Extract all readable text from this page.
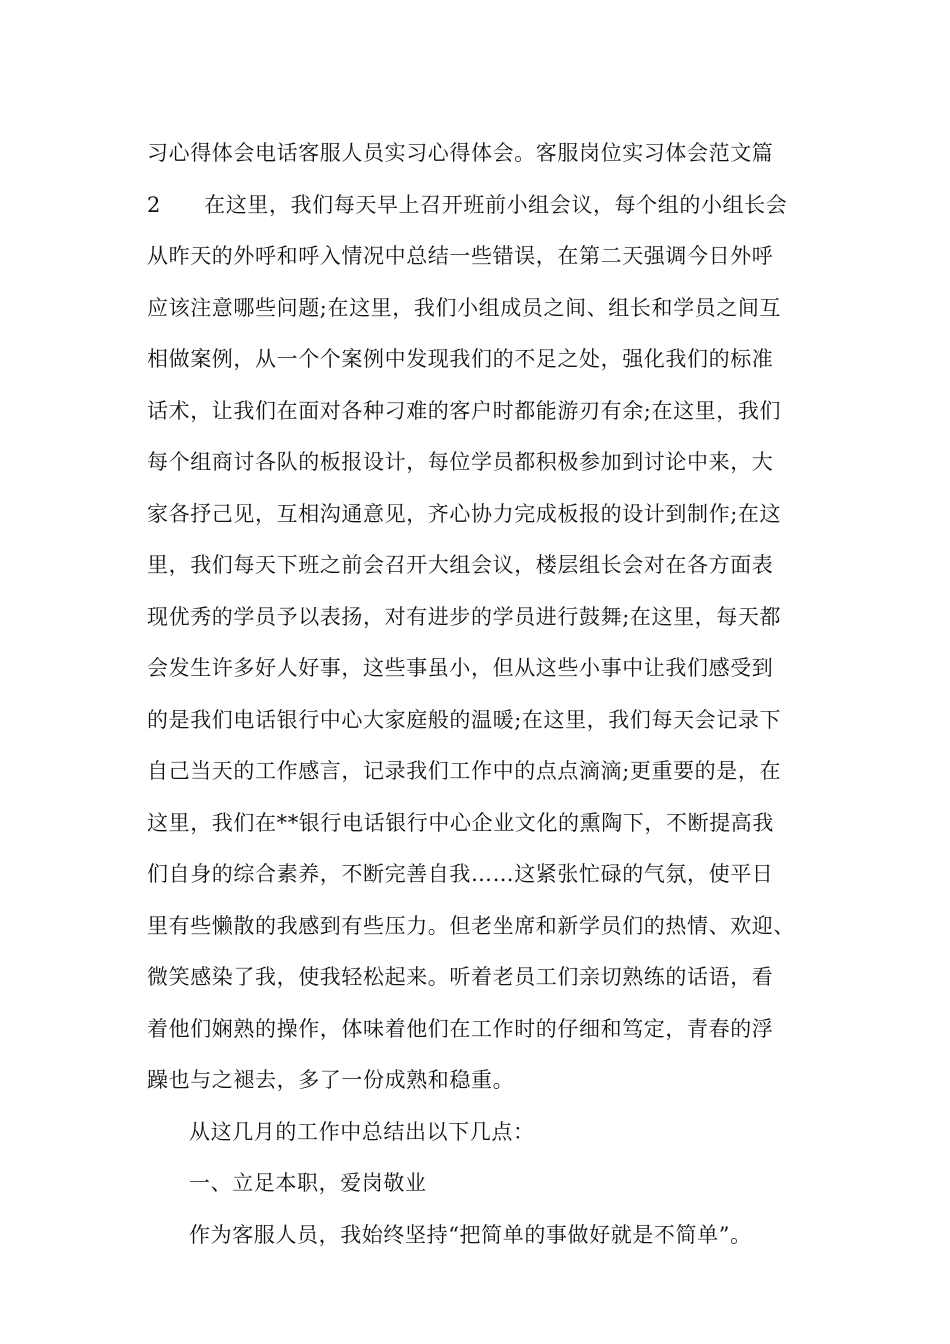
习心得体会电话客服人员实习心得体会。客服岗位实习体会范文篇
2　　在这里，我们每天早上召开班前小组会议，每个组的小组长会
从昨天的外呼和呼入情况中总结一些错误，在第二天强调今日外呼
应该注意哪些问题;在这里，我们小组成员之间、组长和学员之间互
相做案例，从一个个案例中发现我们的不足之处，强化我们的标准
话术，让我们在面对各种刁难的客户时都能游刃有余;在这里，我们
每个组商讨各队的板报设计，每位学员都积极参加到讨论中来，大
家各抒己见，互相沟通意见，齐心协力完成板报的设计到制作;在这
里，我们每天下班之前会召开大组会议，楼层组长会对在各方面表
现优秀的学员予以表扬，对有进步的学员进行鼓舞;在这里，每天都
会发生许多好人好事，这些事虽小，但从这些小事中让我们感受到
的是我们电话银行中心大家庭般的温暖;在这里，我们每天会记录下
自己当天的工作感言，记录我们工作中的点点滴滴;更重要的是，在
这里，我们在**银行电话银行中心企业文化的熏陶下，不断提高我
们自身的综合素养，不断完善自我……这紧张忙碌的气氛，使平日
里有些懒散的我感到有些压力。但老坐席和新学员们的热情、欢迎、
微笑感染了我，使我轻松起来。听着老员工们亲切熟练的话语，看
着他们娴熟的操作，体味着他们在工作时的仔细和笃定，青春的浮
躁也与之褪去，多了一份成熟和稳重。
从这几月的工作中总结出以下几点：
一、立足本职，爱岗敬业
作为客服人员，我始终坚持“把简单的事做好就是不简单”。
